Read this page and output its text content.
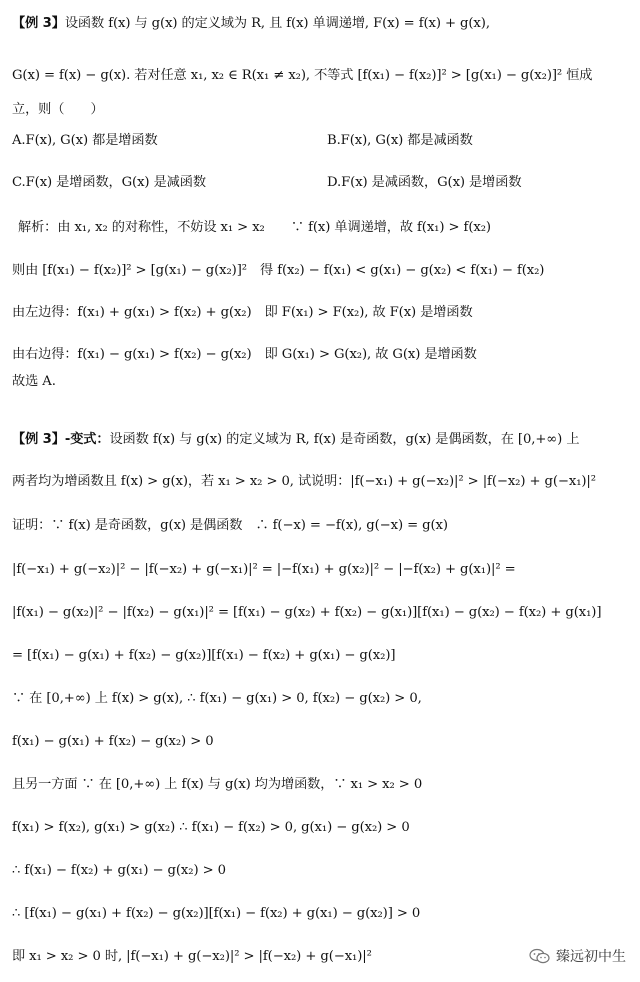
【例 3】设函数 f(x) 与 g(x) 的定义域为 R, 且 f(x) 单调递增, F(x) = f(x) + g(x),
G(x) = f(x) − g(x). 若对任意 x₁, x₂ ∈ R(x₁ ≠ x₂), 不等式 [f(x₁) − f(x₂)]² > [g(x₁) − g(x₂)]² 恒成
立，则（　　）
A.F(x), G(x) 都是增函数	B.F(x), G(x) 都是减函数
C.F(x) 是增函数，G(x) 是减函数	D.F(x) 是减函数，G(x) 是增函数
解析：由 x₁, x₂ 的对称性，不妨设 x₁ > x₂　　∵ f(x) 单调递增，故 f(x₁) > f(x₂)
则由 [f(x₁) − f(x₂)]² > [g(x₁) − g(x₂)]²　得 f(x₂) − f(x₁) < g(x₁) − g(x₂) < f(x₁) − f(x₂)
由左边得：f(x₁) + g(x₁) > f(x₂) + g(x₂)　即 F(x₁) > F(x₂), 故 F(x) 是增函数
由右边得：f(x₁) − g(x₁) > f(x₂) − g(x₂)　即 G(x₁) > G(x₂), 故 G(x) 是增函数
故选 A.
【例 3】-变式：设函数 f(x) 与 g(x) 的定义域为 R, f(x) 是奇函数，g(x) 是偶函数，在 [0,+∞) 上
两者均为增函数且 f(x) > g(x)，若 x₁ > x₂ > 0, 试说明：|f(−x₁) + g(−x₂)|² > |f(−x₂) + g(−x₁)|²
证明：∵ f(x) 是奇函数，g(x) 是偶函数　∴ f(−x) = −f(x), g(−x) = g(x)
|f(−x₁) + g(−x₂)|² − |f(−x₂) + g(−x₁)|² = |−f(x₁) + g(x₂)|² − |−f(x₂) + g(x₁)|² =
|f(x₁) − g(x₂)|² − |f(x₂) − g(x₁)|² = [f(x₁) − g(x₂) + f(x₂) − g(x₁)][f(x₁) − g(x₂) − f(x₂) + g(x₁)]
= [f(x₁) − g(x₁) + f(x₂) − g(x₂)][f(x₁) − f(x₂) + g(x₁) − g(x₂)]
∵ 在 [0,+∞) 上 f(x) > g(x), ∴ f(x₁) − g(x₁) > 0, f(x₂) − g(x₂) > 0,
f(x₁) − g(x₁) + f(x₂) − g(x₂) > 0
且另一方面 ∵ 在 [0,+∞) 上 f(x) 与 g(x) 均为增函数，∵ x₁ > x₂ > 0
f(x₁) > f(x₂), g(x₁) > g(x₂) ∴ f(x₁) − f(x₂) > 0, g(x₁) − g(x₂) > 0
∴ f(x₁) − f(x₂) + g(x₁) − g(x₂) > 0
∴ [f(x₁) − g(x₁) + f(x₂) − g(x₂)][f(x₁) − f(x₂) + g(x₁) − g(x₂)] > 0
即 x₁ > x₂ > 0 时, |f(−x₁) + g(−x₂)|² > |f(−x₂) + g(−x₁)|²	臻远初中生
